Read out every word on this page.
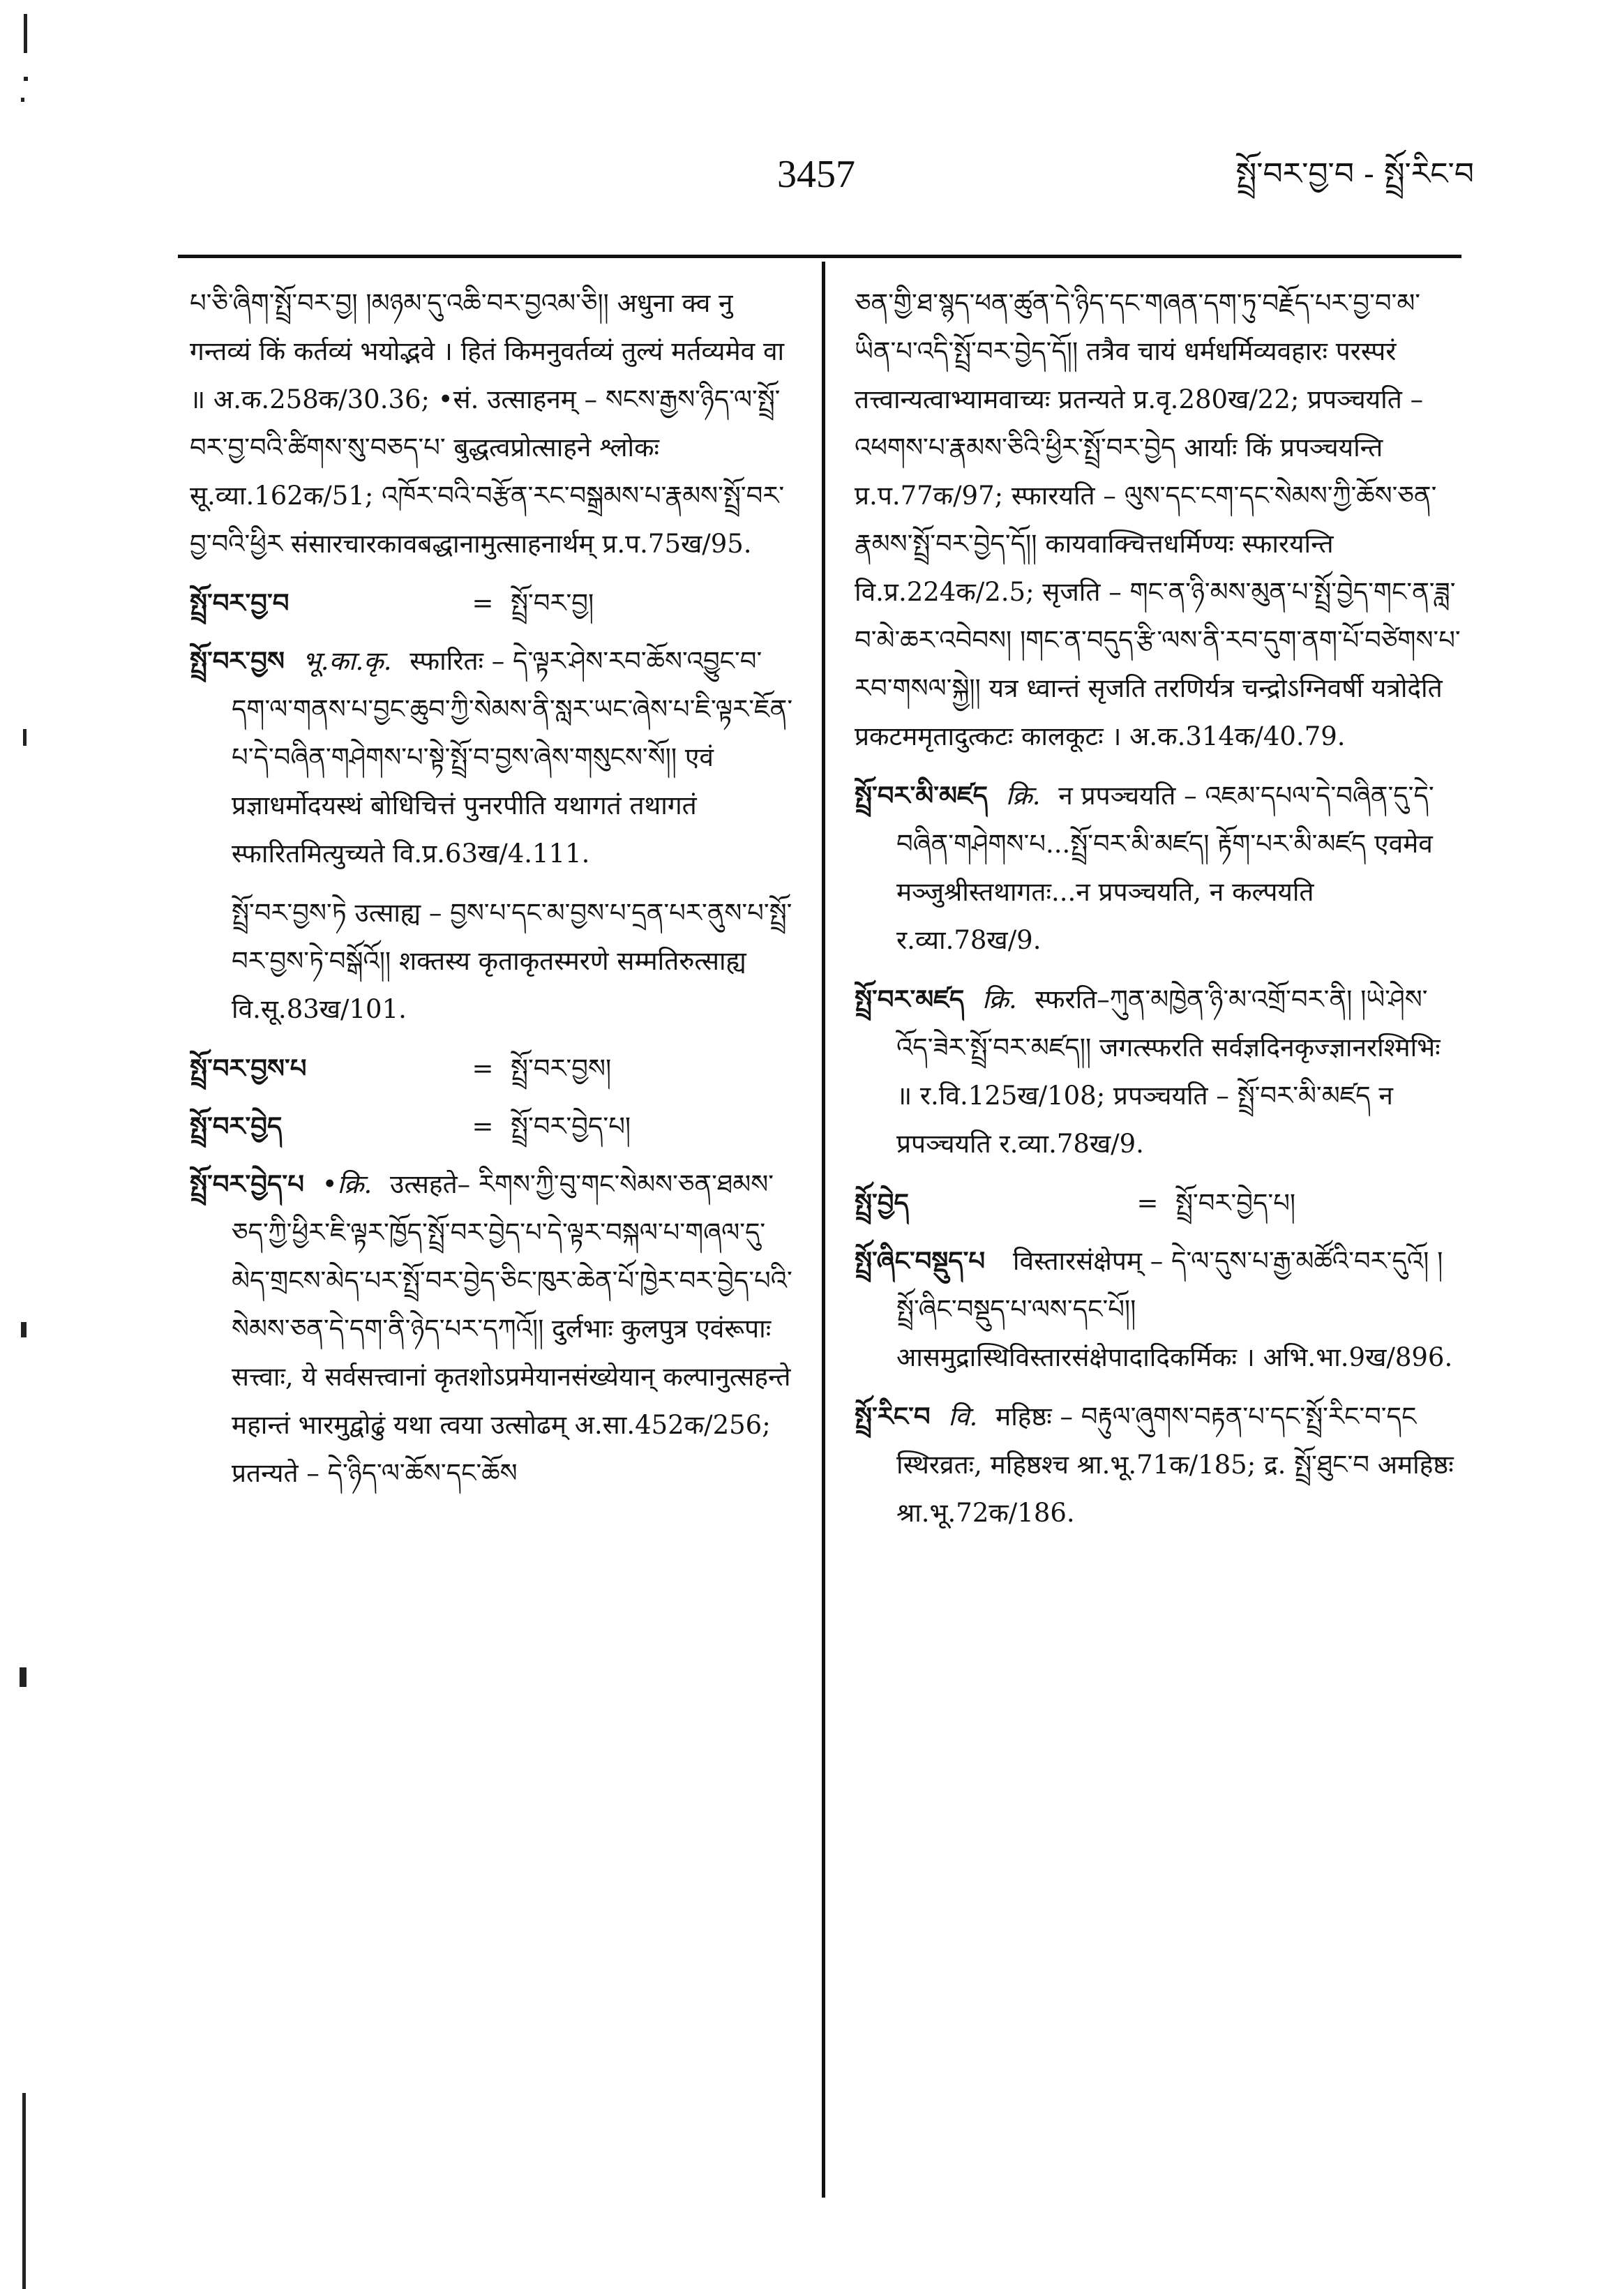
3457	སྤྲོ་བར་བྱ་བ - སྤྲོ་རིང་བ

པ་ཅི་ཞིག་སྤྲོ་བར་བྱ། །མཉམ་དུ་འཆི་བར་བྱའམ་ཅི།། अधुना क्व नु गन्तव्यं किं कर्तव्यं भयोद्भवे । हितं किमनुवर्तव्यं तुल्यं मर्तव्यमेव वा ॥ अ.क.258क/30.36; •सं. उत्साहनम् – སངས་རྒྱས་ཉིད་ལ་སྤྲོ་བར་བྱ་བའི་ཚིགས་སུ་བཅད་པ་ बुद्धत्वप्रोत्साहने श्लोकः सू.व्या.162क/51; འཁོར་བའི་བརྩོན་རང་བསྒྲམས་པ་རྣམས་སྤྲོ་བར་བྱ་བའི་ཕྱིར संसारचारकावबद्धानामुत्साहनार्थम् प्र.प.75ख/95.

སྤྲོ་བར་བྱ་བ	= སྤྲོ་བར་བྱ།

སྤྲོ་བར་བྱས भू.का.कृ. स्फारितः – དེ་ལྟར་ཤེས་རབ་ཆོས་འབྱུང་བ་དག་ལ་གནས་པ་བྱང་ཆུབ་ཀྱི་སེམས་ནི་སླར་ཡང་ཞེས་པ་ཇི་ལྟར་ཇོན་པ་དེ་བཞིན་གཤེགས་པ་སྟེ་སྤྲོ་བ་བྱས་ཞེས་གསུངས་སོ།། एवं प्रज्ञाधर्मोदयस्थं बोधिचित्तं पुनरपीति यथागतं तथागतं स्फारितमित्युच्यते वि.प्र.63ख/4.111.

སྤྲོ་བར་བྱས་ཏེ उत्साह्य – བྱས་པ་དང་མ་བྱས་པ་དྲན་པར་ནུས་པ་སྤྲོ་བར་བྱས་ཏེ་བསྒོའོ།། शक्तस्य कृताकृतस्मरणे सम्मतिरुत्साह्य वि.सू.83ख/101.

སྤྲོ་བར་བྱས་པ	= སྤྲོ་བར་བྱས།
སྤྲོ་བར་བྱེད	= སྤྲོ་བར་བྱེད་པ།

སྤྲོ་བར་བྱེད་པ •क्रि. उत्सहते– རིགས་ཀྱི་བུ་གང་སེམས་ཅན་ཐམས་ཅད་ཀྱི་ཕྱིར་ཇི་ལྟར་ཁྱོད་སྤྲོ་བར་བྱེད་པ་དེ་ལྟར་བསྐལ་པ་གཞལ་དུ་མེད་གྲངས་མེད་པར་སྤྲོ་བར་བྱེད་ཅིང་ཁུར་ཆེན་པོ་ཁྱེར་བར་བྱེད་པའི་སེམས་ཅན་དེ་དག་ནི་ཉེད་པར་དཀའོ།། दुर्लभाः कुलपुत्र एवंरूपाः सत्त्वाः, ये सर्वसत्त्वानां कृतशोऽप्रमेयानसंख्येयान् कल्पानुत्सहन्ते महान्तं भारमुद्वोढुं यथा त्वया उत्सोढम् अ.सा.452क/256; प्रतन्यते – དེ་ཉིད་ལ་ཆོས་དང་ཆོས

ཅན་གྱི་ཐ་སྙད་ཕན་ཚུན་དེ་ཉིད་དང་གཞན་དག་ཏུ་བརྗོད་པར་བྱ་བ་མ་ཡིན་པ་འདི་སྤྲོ་བར་བྱེད་དོ།། तत्रैव चायं धर्मधर्मिव्यवहारः परस्परं तत्त्वान्यत्वाभ्यामवाच्यः प्रतन्यते प्र.वृ.280ख/22; प्रपञ्चयति – འཕགས་པ་རྣམས་ཅིའི་ཕྱིར་སྤྲོ་བར་བྱེད आर्याः किं प्रपञ्चयन्ति प्र.प.77क/97; स्फारयति – ལུས་དང་ངག་དང་སེམས་ཀྱི་ཆོས་ཅན་རྣམས་སྤྲོ་བར་བྱེད་དོ།། कायवाक्चित्तधर्मिण्यः स्फारयन्ति वि.प्र.224क/2.5; सृजति – གང་ན་ཉི་མས་མུན་པ་སྤྲོ་བྱེད་གང་ན་ཟླ་བ་མེ་ཆར་འབེབས། །གང་ན་བདུད་རྩི་ལས་ནི་རབ་དུག་ནག་པོ་བཙེགས་པ་རབ་གསལ་སྐྱེ།། यत्र ध्वान्तं सृजति तरणिर्यत्र चन्द्रोऽग्निवर्षी यत्रोदेति प्रकटममृतादुत्कटः कालकूटः । अ.क.314क/40.79.

སྤྲོ་བར་མི་མཛད क्रि. न प्रपञ्चयति – འཇམ་དཔལ་དེ་བཞིན་དུ་དེ་བཞིན་གཤེགས་པ...སྤྲོ་བར་མི་མཛད། རྟོག་པར་མི་མཛད एवमेव मञ्जुश्रीस्तथागतः...न प्रपञ्चयति, न कल्पयति र.व्या.78ख/9.

སྤྲོ་བར་མཛད क्रि. स्फरति–ཀུན་མཁྱེན་ཉི་མ་འགྲོ་བར་ནི། །ཡེ་ཤེས་འོད་ཟེར་སྤྲོ་བར་མཛད།། जगत्स्फरति सर्वज्ञदिनकृज्ज्ञानरश्मिभिः ॥ र.वि.125ख/108; प्रपञ्चयति – སྤྲོ་བར་མི་མཛད न प्रपञ्चयति र.व्या.78ख/9.

སྤྲོ་བྱེད	= སྤྲོ་བར་བྱེད་པ།

སྤྲོ་ཞིང་བསྡུད་པ विस्तारसंक्षेपम् – དེ་ལ་དུས་པ་རྒྱ་མཚོའི་བར་དུའོ། །སྤྲོ་ཞིང་བསྡུད་པ་ལས་དང་པོ།། आसमुद्रास्थिविस्तारसंक्षेपादादिकर्मिकः । अभि.भा.9ख/896.

སྤྲོ་རིང་བ वि. महिष्ठः – བརྟུལ་ཞུགས་བརྟན་པ་དང་སྤྲོ་རིང་བ་དང स्थिरव्रतः, महिष्ठश्च श्रा.भू.71क/185; द्र. སྤྲོ་ཐུང་བ अमहिष्ठः श्रा.भू.72क/186.
